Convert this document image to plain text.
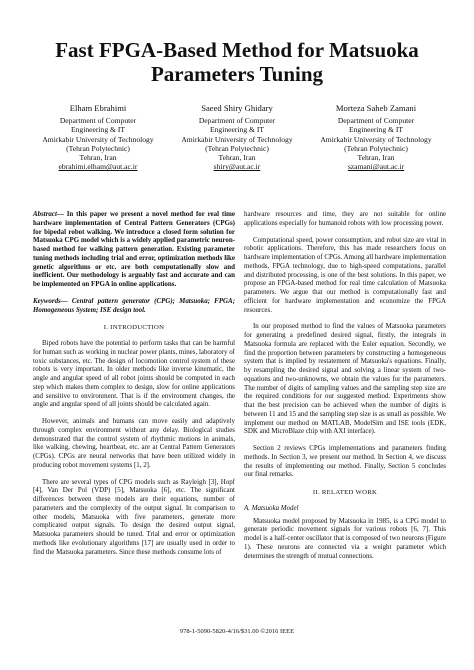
Fast FPGA-Based Method for Matsuoka
Parameters Tuning
Elham Ebrahimi
Department of Computer
Engineering & IT
Amirkabir University of Technology
(Tehran Polytechnic)
Tehran, Iran
ebrahimi.elham@aut.ac.ir
Saeed Shiry Ghidary
Department of Computer
Engineering & IT
Amirkabir University of Technology
(Tehran Polytechnic)
Tehran, Iran
shiry@aut.ac.ir
Morteza Saheb Zamani
Department of Computer
Engineering & IT
Amirkabir University of Technology
(Tehran Polytechnic)
Tehran, Iran
szamani@aut.ac.ir

Abstract— In this paper we present a novel method for real time hardware implementation of Central Pattern Generators (CPGs) for bipedal robot walking. We introduce a closed form solution for Matsuoka CPG model which is a widely applied parametric neuron-based method for walking pattern generation. Existing parameter tuning methods including trial and error, optimization methods like genetic algorithms or etc. are both computationally slow and inefficient. Our methodology is arguably fast and accurate and can be implemented on FPGA in online applications.

Keywords— Central pattern generator (CPG); Matsuoka; FPGA; Homogeneous System; ISE design tool.

I. INTRODUCTION

Biped robots have the potential to perform tasks that can be harmful for human such as working in nuclear power plants, mines, laboratory of toxic substances, etc. The design of locomotion control system of these robots is very important. In older methods like inverse kinematic, the angle and angular speed of all robot joints should be computed in each step which makes them complex to design, slow for online applications and sensitive to environment. That is if the environment changes, the angle and angular speed of all joints should be calculated again.

However, animals and humans can move easily and adaptively through complex environment without any delay. Biological studies demonstrated that the control system of rhythmic motions in animals, like walking, chewing, heartbeat, etc. are at Central Pattern Generators (CPGs). CPGs are neural networks that have been utilized widely in producing robot movement systems [1, 2].

There are several types of CPG models such as Rayleigh [3], Hopf [4], Van Der Pol (VDP) [5], Matsuoka [6], etc. The significant differences between these models are their equations, number of parameters and the complexity of the output signal. In comparison to other models, Matsuoka with five parameters, generate more complicated output signals. To design the desired output signal, Matsuoka parameters should be tuned. Trial and error or optimization methods like evolutionary algorithms [17] are usually used in order to find the Matsuoka parameters. Since these methods consume lots of

hardware resources and time, they are not suitable for online applications especially for humanoid robots with low processing power.

Computational speed, power consumption, and robot size are vital in robotic applications. Therefore, this has made researchers focus on hardware implementation of CPGs. Among all hardware implementation methods, FPGA technology, due to high-speed computations, parallel and distributed processing, is one of the best solutions. In this paper, we propose an FPGA-based method for real time calculation of Matsuoka parameters. We argue that our method is computationally fast and efficient for hardware implementation and economize the FPGA resources.

In our proposed method to find the values of Matsuoka parameters for generating a predefined desired signal, firstly, the integrals in Matsuoka formula are replaced with the Euler equation. Secondly, we find the proportion between parameters by constructing a homogeneous system that is implied by restatement of Matsuoka's equations. Finally, by resampling the desired signal and solving a linear system of two-equations and two-unknowns, we obtain the values for the parameters. The number of digits of sampling values and the sampling step size are the required conditions for our suggested method. Experiments show that the best precision can be achieved when the number of digits is between 11 and 15 and the sampling step size is as small as possible. We implement our method on MATLAB, ModelSim and ISE tools (EDK, SDK and MicroBlaze chip with AXI interface).

Section 2 reviews CPGs implementations and parameters finding methods. In Section 3, we present our method. In Section 4, we discuss the results of implementing our method. Finally, Section 5 concludes our final remarks.

II. RELATED WORK

A. Matsuoka Model

Matsuoka model proposed by Matsuoka in 1985, is a CPG model to generate periodic movement signals for various robots [6, 7]. This model is a half-center oscillator that is composed of two neurons (Figure 1). These neurons are connected via a weight parameter which determines the strength of mutual connections.

978-1-5090-5820-4/16/$31.00 ©2016 IEEE
